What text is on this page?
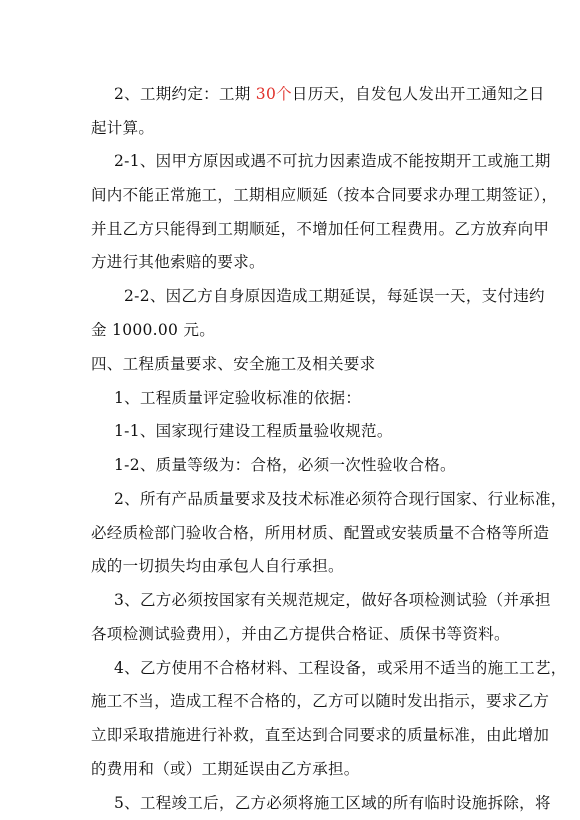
2、工期约定：工期 30个日历天，自发包人发出开工通知之日
起计算。
2-1、因甲方原因或遇不可抗力因素造成不能按期开工或施工期
间内不能正常施工，工期相应顺延（按本合同要求办理工期签证），
并且乙方只能得到工期顺延，不增加任何工程费用。乙方放弃向甲
方进行其他索赔的要求。
2-2、因乙方自身原因造成工期延误，每延误一天，支付违约
金 1000.00 元。
四、工程质量要求、安全施工及相关要求
1、工程质量评定验收标准的依据：
1-1、国家现行建设工程质量验收规范。
1-2、质量等级为：合格，必须一次性验收合格。
2、所有产品质量要求及技术标准必须符合现行国家、行业标准，
必经质检部门验收合格，所用材质、配置或安装质量不合格等所造
成的一切损失均由承包人自行承担。
3、乙方必须按国家有关规范规定，做好各项检测试验（并承担
各项检测试验费用），并由乙方提供合格证、质保书等资料。
4、乙方使用不合格材料、工程设备，或采用不适当的施工工艺，
施工不当，造成工程不合格的，乙方可以随时发出指示，要求乙方
立即采取措施进行补救，直至达到合同要求的质量标准，由此增加
的费用和（或）工期延误由乙方承担。
5、工程竣工后，乙方必须将施工区域的所有临时设施拆除，将
